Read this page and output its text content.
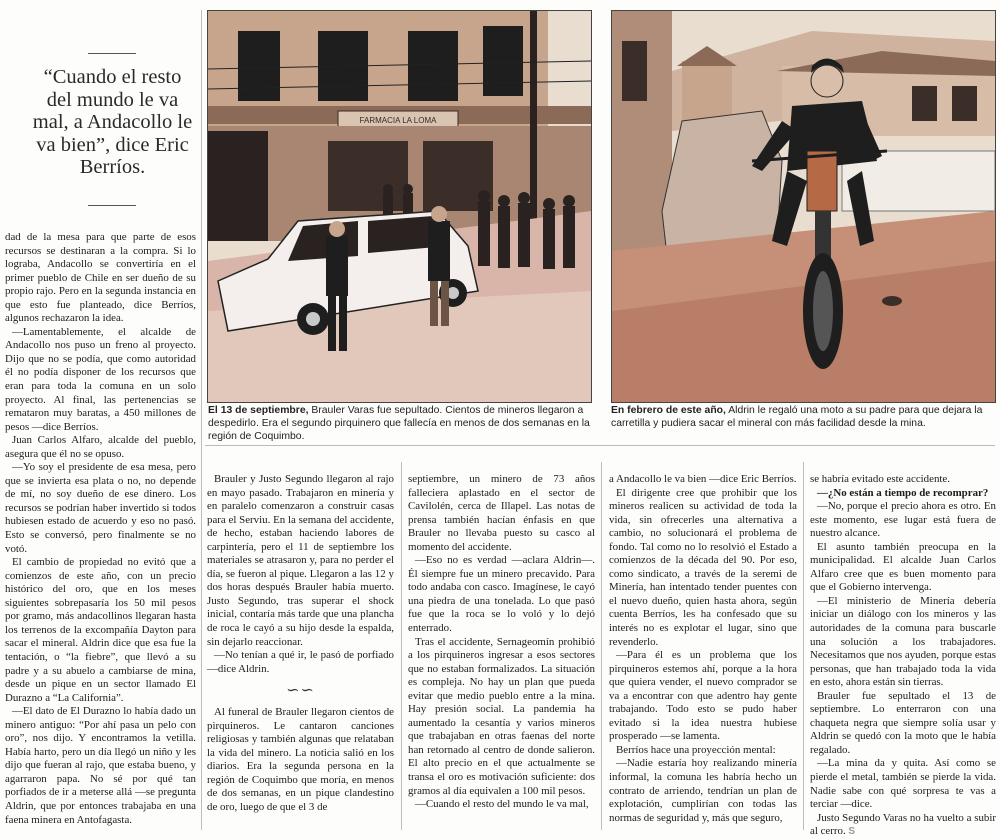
“Cuando el resto del mundo le va mal, a Andacollo le va bien”, dice Eric Berríos.
FARMACIA LA LOMA
El 13 de septiembre, Brauler Varas fue sepultado. Cientos de mineros llegaron a despedirlo. Era el segundo pirquinero que fallecía en menos de dos semanas en la región de Coquimbo.
En febrero de este año, Aldrin le regaló una moto a su padre para que dejara la carretilla y pudiera sacar el mineral con más facilidad desde la mina.

dad de la mesa para que parte de esos recursos se destinaran a la compra. Si lo lograba, Andacollo se convertiría en el primer pueblo de Chile en ser dueño de su propio rajo. Pero en la segunda instancia en que esto fue planteado, dice Berríos, algunos rechazaron la idea.

—Lamentablemente, el alcalde de Andacollo nos puso un freno al proyecto. Dijo que no se podía, que como autoridad él no podía disponer de los recursos que eran para toda la comuna en un solo proyecto. Al final, las pertenencias se remataron muy baratas, a 450 millones de pesos —dice Berríos.

Juan Carlos Alfaro, alcalde del pueblo, asegura que él no se opuso.

—Yo soy el presidente de esa mesa, pero que se invierta esa plata o no, no depende de mí, no soy dueño de ese dinero. Los recursos se podrían haber invertido si todos hubiesen estado de acuerdo y eso no pasó. Esto se conversó, pero finalmente se no votó.

El cambio de propiedad no evitó que a comienzos de este año, con un precio histórico del oro, que en los meses siguientes sobrepasaría los 50 mil pesos por gramo, más andacollinos llegaran hasta los terrenos de la excompañía Dayton para sacar el mineral. Aldrin dice que esa fue la tentación, o “la fiebre”, que llevó a su padre y a su abuelo a cambiarse de mina, desde un pique en un sector llamado El Durazno a “La California”.

—El dato de El Durazno lo había dado un minero antiguo: “Por ahí pasa un pelo con oro”, nos dijo. Y encontramos la vetilla. Había harto, pero un día llegó un niño y les dijo que fueran al rajo, que estaba bueno, y agarraron papa. No sé por qué tan porfiados de ir a meterse allá —se pregunta Aldrin, que por entonces trabajaba en una faena minera en Antofagasta.

Brauler y Justo Segundo llegaron al rajo en mayo pasado. Trabajaron en minería y en paralelo comenzaron a construir casas para el Serviu. En la semana del accidente, de hecho, estaban haciendo labores de carpintería, pero el 11 de septiembre los materiales se atrasaron y, para no perder el día, se fueron al pique. Llegaron a las 12 y dos horas después Brauler había muerto. Justo Segundo, tras superar el shock inicial, contaría más tarde que una plancha de roca le cayó a su hijo desde la espalda, sin dejarlo reaccionar.

—No tenían a qué ir, le pasó de porfiado —dice Aldrin.

∽∽

Al funeral de Brauler llegaron cientos de pirquineros. Le cantaron canciones religiosas y también algunas que relataban la vida del minero. La noticia salió en los diarios. Era la segunda persona en la región de Coquimbo que moría, en menos de dos semanas, en un pique clandestino de oro, luego de que el 3 de

septiembre, un minero de 73 años falleciera aplastado en el sector de Cavilolén, cerca de Illapel. Las notas de prensa también hacían énfasis en que Brauler no llevaba puesto su casco al momento del accidente.

—Eso no es verdad —aclara Aldrin—. Él siempre fue un minero precavido. Para todo andaba con casco. Imagínese, le cayó una piedra de una tonelada. Lo que pasó fue que la roca se lo voló y lo dejó enterrado.

Tras el accidente, Sernageomín prohibió a los pirquineros ingresar a esos sectores que no estaban formalizados. La situación es compleja. No hay un plan que pueda evitar que medio pueblo entre a la mina. Hay presión social. La pandemia ha aumentado la cesantía y varios mineros que trabajaban en otras faenas del norte han retornado al centro de donde salieron. El alto precio en el que actualmente se transa el oro es motivación suficiente: dos gramos al día equivalen a 100 mil pesos.

—Cuando el resto del mundo le va mal,

a Andacollo le va bien —dice Eric Berríos.

El dirigente cree que prohibir que los mineros realicen su actividad de toda la vida, sin ofrecerles una alternativa a cambio, no solucionará el problema de fondo. Tal como no lo resolvió el Estado a comienzos de la década del 90. Por eso, como sindicato, a través de la seremi de Minería, han intentado tender puentes con el nuevo dueño, quien hasta ahora, según cuenta Berríos, les ha confesado que su interés no es explotar el lugar, sino que revenderlo.

—Para él es un problema que los pirquineros estemos ahí, porque a la hora que quiera vender, el nuevo comprador se va a encontrar con que adentro hay gente trabajando. Todo esto se pudo haber evitado si la idea nuestra hubiese prosperado —se lamenta.

Berríos hace una proyección mental:

—Nadie estaría hoy realizando minería informal, la comuna les habría hecho un contrato de arriendo, tendrían un plan de explotación, cumplirían con todas las normas de seguridad y, más que seguro,

se habría evitado este accidente.

—¿No están a tiempo de recomprar?

—No, porque el precio ahora es otro. En este momento, ese lugar está fuera de nuestro alcance.

El asunto también preocupa en la municipalidad. El alcalde Juan Carlos Alfaro cree que es buen momento para que el Gobierno intervenga.

—El ministerio de Minería debería iniciar un diálogo con los mineros y las autoridades de la comuna para buscarle una solución a los trabajadores. Necesitamos que nos ayuden, porque estas personas, que han trabajado toda la vida en esto, ahora están sin tierras.

Brauler fue sepultado el 13 de septiembre. Lo enterraron con una chaqueta negra que siempre solía usar y Aldrin se quedó con la moto que le había regalado.

—La mina da y quita. Así como se pierde el metal, también se pierde la vida. Nadie sabe con qué sorpresa te vas a terciar —dice.

Justo Segundo Varas no ha vuelto a subir al cerro. S
